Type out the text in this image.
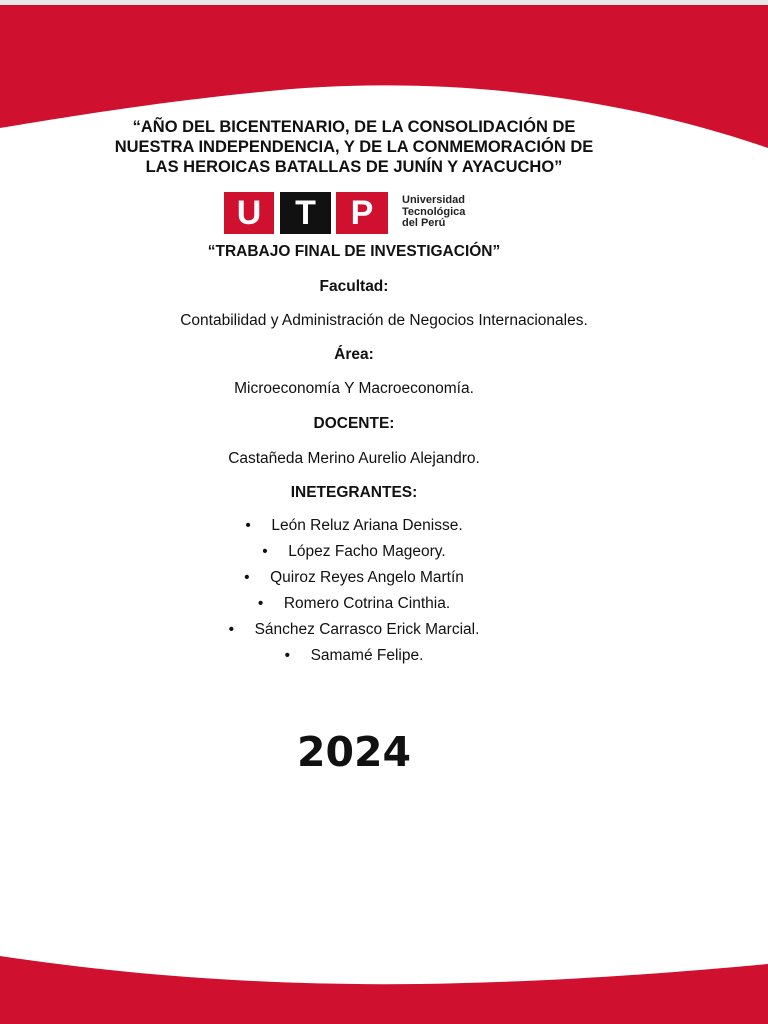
“AÑO DEL BICENTENARIO, DE LA CONSOLIDACIÓN DE
NUESTRA INDEPENDENCIA, Y DE LA CONMEMORACIÓN DE
LAS HEROICAS BATALLAS DE JUNÍN Y AYACUCHO”
U T	P	Universidad
Tecnológica
del Perú
“TRABAJO FINAL DE INVESTIGACIÓN”
Facultad:
Contabilidad y Administración de Negocios Internacionales.
Área:
Microeconomía Y Macroeconomía.
DOCENTE:
Castañeda Merino Aurelio Alejandro.
INETEGRANTES:
• León Reluz Ariana Denisse.
• López Facho Mageory.
• Quiroz Reyes Angelo Martín
• Romero Cotrina Cinthia.
• Sánchez Carrasco Erick Marcial.
• Samamé Felipe.
2024
